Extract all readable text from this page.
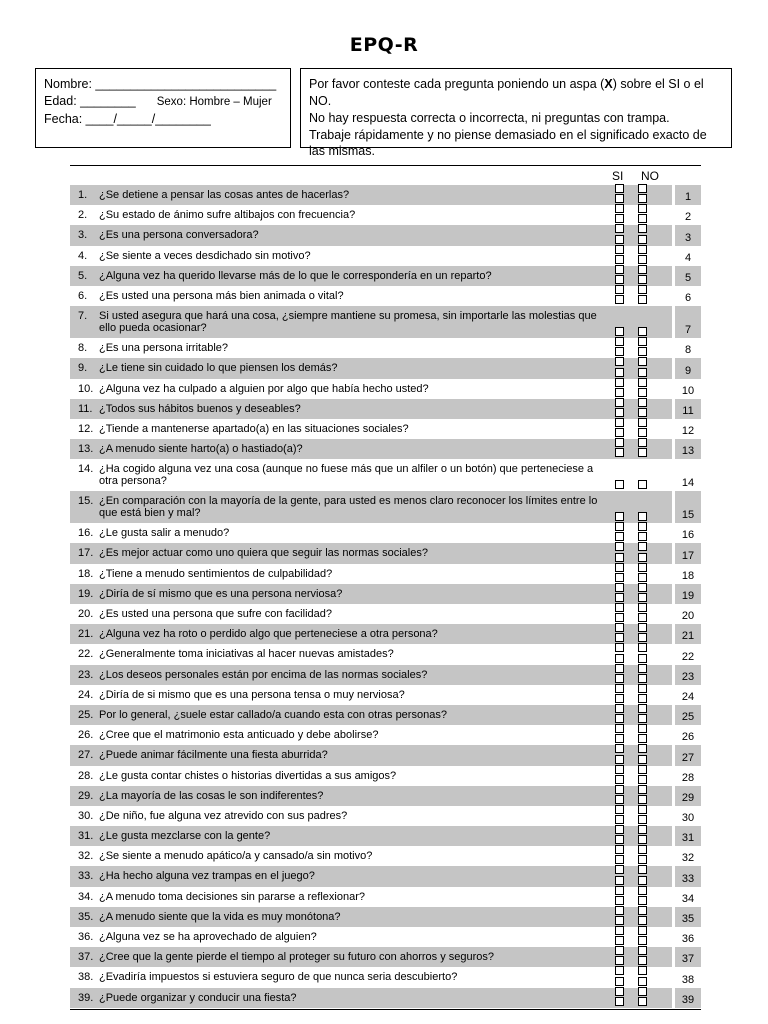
EPQ-R
Nombre: __________________________
Edad: ________ Sexo: Hombre – Mujer
Fecha: ____/_____/________
Por favor conteste cada pregunta poniendo un aspa (X) sobre el SI o el NO.
No hay respuesta correcta o incorrecta, ni preguntas con trampa.
Trabaje rápidamente y no piense demasiado en el significado exacto de las mismas.
SI NO
1.	¿Se detiene a pensar las cosas antes de hacerlas?	1
2.	¿Su estado de ánimo sufre altibajos con frecuencia?	2
3.	¿Es una persona conversadora?	3
4.	¿Se siente a veces desdichado sin motivo?	4
5.	¿Alguna vez ha querido llevarse más de lo que le correspondería en un reparto?	5
6.	¿Es usted una persona más bien animada o vital?	6
7.	Si usted asegura que hará una cosa, ¿siempre mantiene su promesa, sin importarle las molestias que ello pueda ocasionar?	7
8.	¿Es una persona irritable?	8
9.	¿Le tiene sin cuidado lo que piensen los demás?	9
10. ¿Alguna vez ha culpado a alguien por algo que había hecho usted?	10
11. ¿Todos sus hábitos buenos y deseables?	11
12. ¿Tiende a mantenerse apartado(a) en las situaciones sociales?	12
13. ¿A menudo siente harto(a) o hastiado(a)?	13
14. ¿Ha cogido alguna vez una cosa (aunque no fuese más que un alfiler o un botón) que perteneciese a otra persona?	14
15. ¿En comparación con la mayoría de la gente, para usted es menos claro reconocer los límites entre lo que está bien y mal?	15
16. ¿Le gusta salir a menudo?	16
17. ¿Es mejor actuar como uno quiera que seguir las normas sociales?	17
18. ¿Tiene a menudo sentimientos de culpabilidad?	18
19. ¿Diría de sí mismo que es una persona nerviosa?	19
20. ¿Es usted una persona que sufre con facilidad?	20
21. ¿Alguna vez ha roto o perdido algo que perteneciese a otra persona?	21
22. ¿Generalmente toma iniciativas al hacer nuevas amistades?	22
23. ¿Los deseos personales están por encima de las normas sociales?	23
24. ¿Diría de si mismo que es una persona tensa o muy nerviosa?	24
25. Por lo general, ¿suele estar callado/a cuando esta con otras personas?	25
26. ¿Cree que el matrimonio esta anticuado y debe abolirse?	26
27. ¿Puede animar fácilmente una fiesta aburrida?	27
28. ¿Le gusta contar chistes o historias divertidas a sus amigos?	28
29. ¿La mayoría de las cosas le son indiferentes?	29
30. ¿De niño, fue alguna vez atrevido con sus padres?	30
31. ¿Le gusta mezclarse con la gente?	31
32. ¿Se siente a menudo apático/a y cansado/a sin motivo?	32
33. ¿Ha hecho alguna vez trampas en el juego?	33
34. ¿A menudo toma decisiones sin pararse a reflexionar?	34
35. ¿A menudo siente que la vida es muy monótona?	35
36. ¿Alguna vez se ha aprovechado de alguien?	36
37. ¿Cree que la gente pierde el tiempo al proteger su futuro con ahorros y seguros?	37
38. ¿Evadiría impuestos si estuviera seguro de que nunca seria descubierto?	38
39. ¿Puede organizar y conducir una fiesta?	39
